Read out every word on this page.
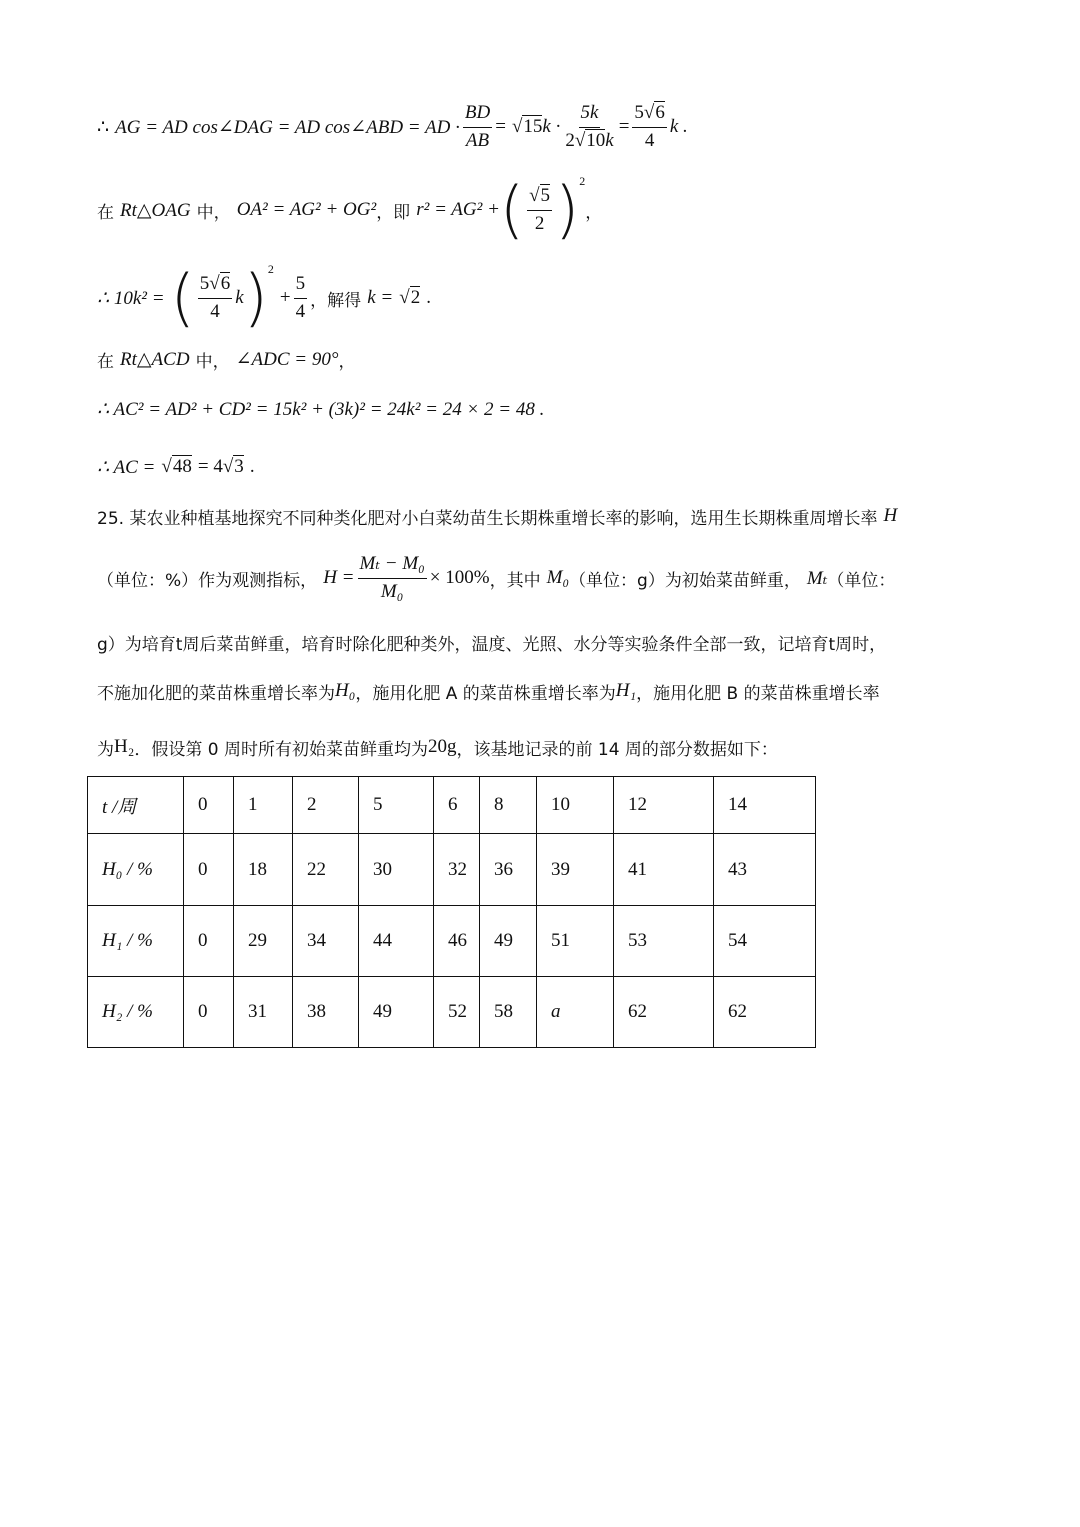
∴
AG = AD cos∠DAG = AD cos∠ABD = AD · $\frac{BD}{AB}$ =
√15 $k \cdot \frac{5k}{2√10k} = \frac{5√6}{4}$ k .
在
Rt△OAG
中，
OA² = AG² + OG² ，即
r² = AG² + ( $\frac{√5}{2}$ ) 2
，
∴ 10k² =
( $\frac{5√6}{4}$ k ) 2

+ $\frac{5}{4}$ ，解得
k =
√2
.
在
Rt△ACD
中，
∠ADC = 90° ，
∴ AC² = AD² + CD² = 15k² + (3k)² = 24k² = 24 × 2 = 48 .
∴ AC =
√48
= 4 √3
.
25. 某农业种植基地探究不同种类化肥对小白菜幼苗生长期株重增长率的影响，选用生长期株重周增长率
H
（单位：%）作为观测指标，
$H = \frac{\text{Mₜ − M₀}}{\text{M₀}} \times 100\%$ ，其中
M₀ （单位：g）为初始菜苗鲜重，
Mₜ （单位：
g）为培育t周后菜苗鲜重，培育时除化肥种类外，温度、光照、水分等实验条件全部一致，记培育t周时，
不施加化肥的菜苗株重增长率为 H₀ ，施用化肥 A 的菜苗株重增长率为 H₁ ，施用化肥 B 的菜苗株重增长率
为 H₂ ．假设第 0 周时所有初始菜苗鲜重均为 20g ，该基地记录的前 14 周的部分数据如下：
t /周	0	1	2	5	6	8	10	12	14
H₀ / %	0	18	22	30	32	36	39	41	43
H₁ / %	0	29	34	44	46	49	51	53	54
H₂ / %	0	31	38	49	52	58	a	62	62
